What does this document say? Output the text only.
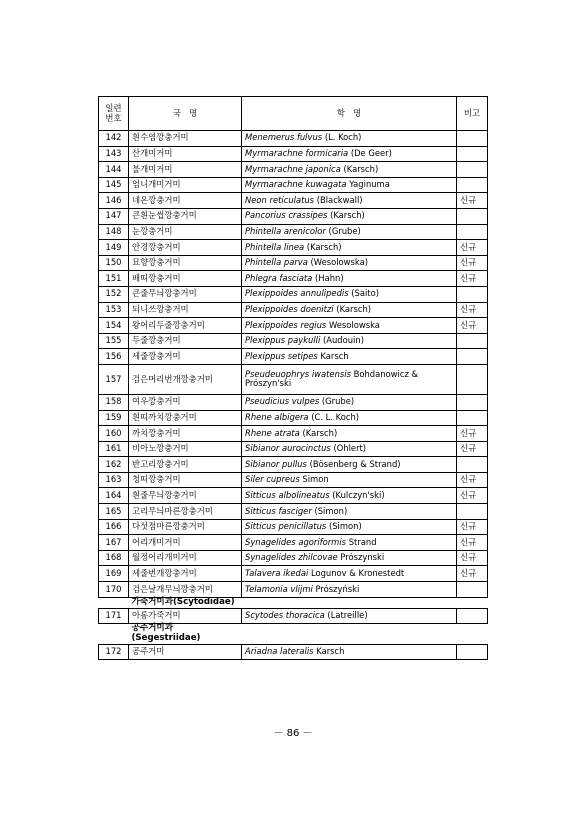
일련
번호	국   명	학   명	비고
142	흰수염깡충거미	Menemerus fulvus (L. Koch)	
143	산개미거미	Myrmarachne formicaria (De Geer)	
144	불개미거미	Myrmarachne japonica (Karsch)	
145	엄니개미거미	Myrmarachne kuwagata Yaginuma	
146	네온깡충거미	Neon reticulatus (Blackwall)	신규
147	큰흰눈썹깡충거미	Pancorius crassipes (Karsch)	
148	눈깡충거미	Phintella arenicolor (Grube)	
149	안경깡충거미	Phintella linea (Karsch)	신규
150	묘향깡충거미	Phintella parva (Wesolowska)	신규
151	배띠깡충거미	Phlegra fasciata (Hahn)	신규
152	큰줄무늬깡충거미	Plexippoides annulipedis (Saito)	
153	되니쓰깡충거미	Plexippoides doenitzi (Karsch)	신규
154	왕어리두줄깡충거미	Plexippoides regius Wesolowska	신규
155	두줄깡충거미	Plexippus paykulli (Audouin)	
156	세줄깡충거미	Plexippus setipes Karsch	
157	검은머리번개깡충거미	Pseudeuophrys iwatensis Bohdanowicz &
Prószyn'ski	
158	여우깡충거미	Pseudicius vulpes (Grube)	
159	흰띠까치깡충거미	Rhene albigera (C. L. Koch)	
160	까치깡충거미	Rhene atrata (Karsch)	신규
161	비아노깡충거미	Sibianor aurocinctus (Ohlert)	신규
162	반고리깡충거미	Sibianor pullus (Bösenberg & Strand)	
163	청띠깡충거미	Siler cupreus Simon	신규
164	흰줄무늬깡충거미	Sitticus albolineatus (Kulczyn'ski)	신규
165	고리무늬마른깡충거미	Sitticus fasciger (Simon)	
166	다섯점마른깡충거미	Sitticus penicillatus (Simon)	신규
167	어리개미거미	Synagelides agoriformis Strand	신규
168	월정어리개미거미	Synagelides zhilcovae Prószynski	신규
169	세줄번개깡충거미	Talavera ikedai Logunov & Kronestedt	신규
170	검은날개무늬깡충거미	Telamonia vlijmi Prószyński	
	가죽거미과(Scytodidae)		
171	아롱가죽거미	Scytodes thoracica (Latreille)	

	공주거미과
(Segestriidae)		

172	공주거미	Ariadna lateralis Karsch	
－ 86 －
